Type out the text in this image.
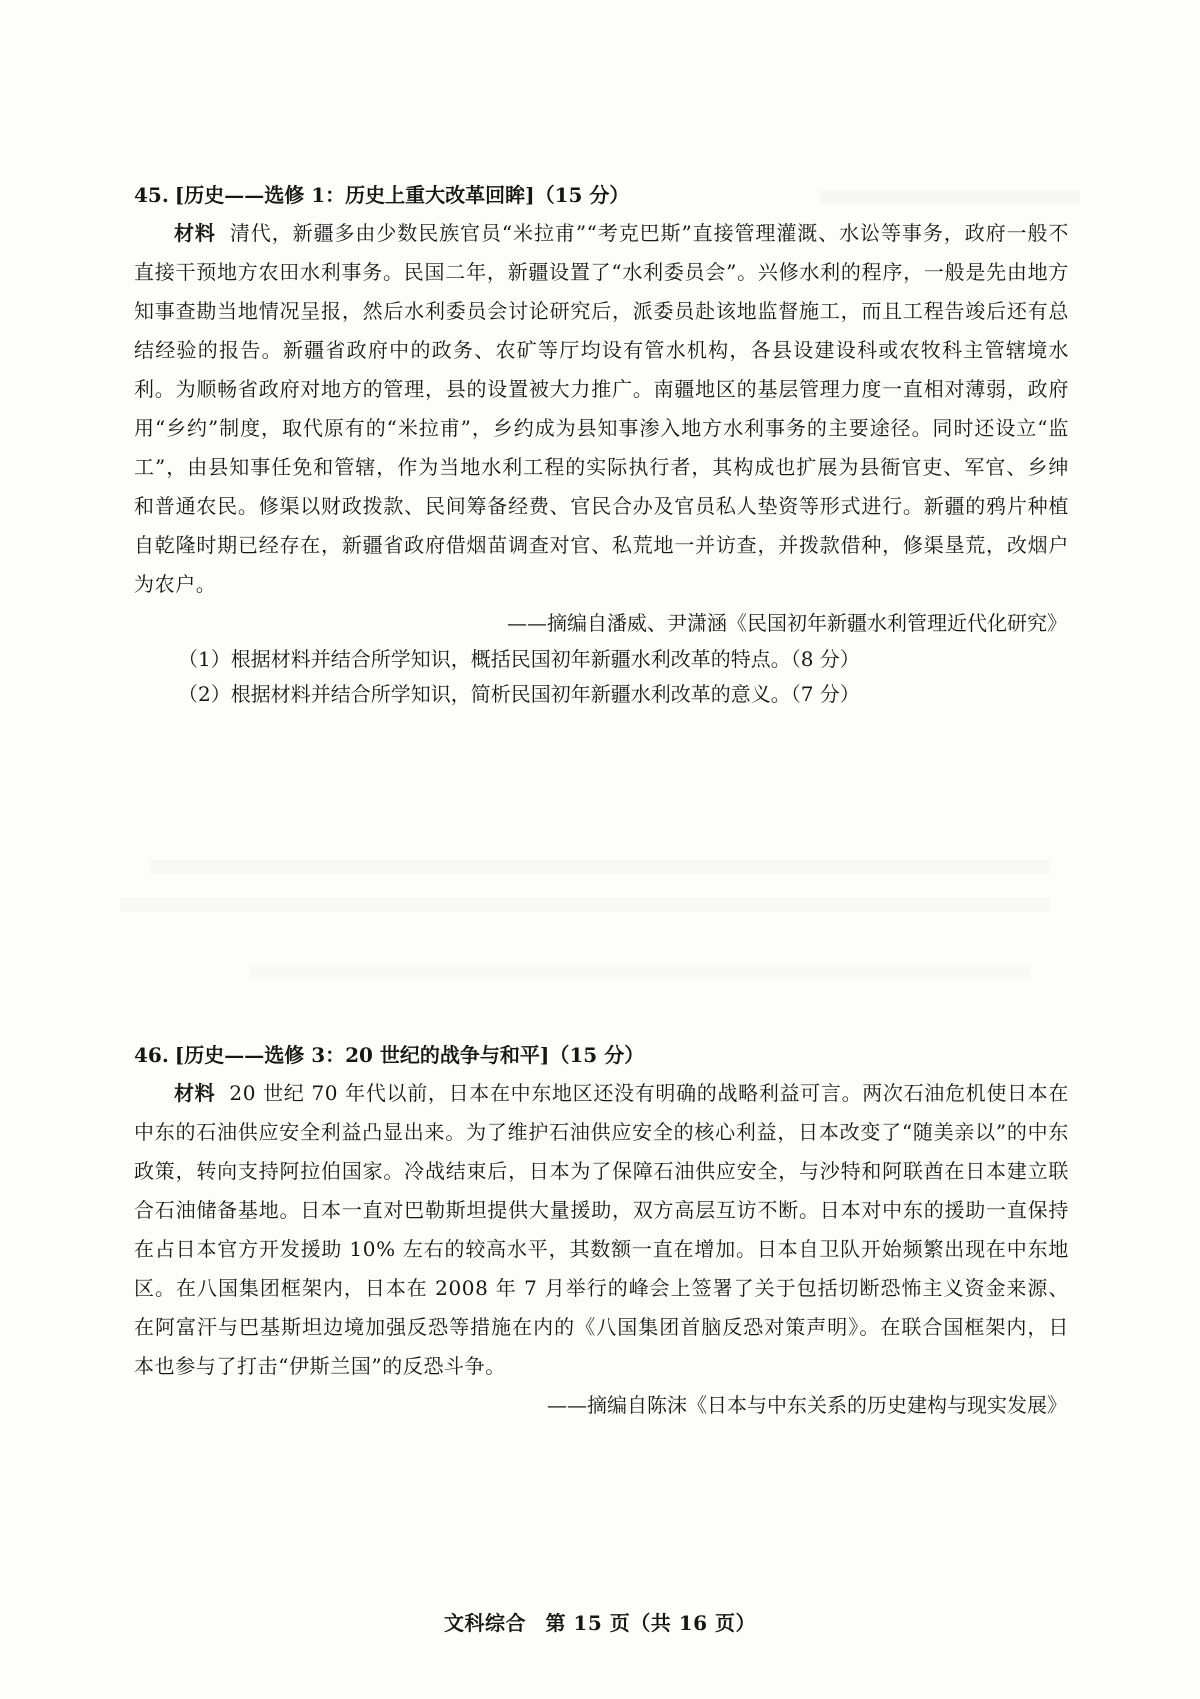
45. [历史——选修 1：历史上重大改革回眸]（15 分）

材料 清代，新疆多由少数民族官员“米拉甫”“考克巴斯”直接管理灌溉、水讼等事务，政府一般不直接干预地方农田水利事务。民国二年，新疆设置了“水利委员会”。兴修水利的程序，一般是先由地方知事查勘当地情况呈报，然后水利委员会讨论研究后，派委员赴该地监督施工，而且工程告竣后还有总结经验的报告。新疆省政府中的政务、农矿等厅均设有管水机构，各县设建设科或农牧科主管辖境水利。为顺畅省政府对地方的管理，县的设置被大力推广。南疆地区的基层管理力度一直相对薄弱，政府用“乡约”制度，取代原有的“米拉甫”，乡约成为县知事渗入地方水利事务的主要途径。同时还设立“监工”，由县知事任免和管辖，作为当地水利工程的实际执行者，其构成也扩展为县衙官吏、军官、乡绅和普通农民。修渠以财政拨款、民间筹备经费、官民合办及官员私人垫资等形式进行。新疆的鸦片种植自乾隆时期已经存在，新疆省政府借烟苗调查对官、私荒地一并访查，并拨款借种，修渠垦荒，改烟户为农户。

——摘编自潘威、尹潇涵《民国初年新疆水利管理近代化研究》

（1）根据材料并结合所学知识，概括民国初年新疆水利改革的特点。（8 分）

（2）根据材料并结合所学知识，简析民国初年新疆水利改革的意义。（7 分）

46. [历史——选修 3：20 世纪的战争与和平]（15 分）

材料 20 世纪 70 年代以前，日本在中东地区还没有明确的战略利益可言。两次石油危机使日本在中东的石油供应安全利益凸显出来。为了维护石油供应安全的核心利益，日本改变了“随美亲以”的中东政策，转向支持阿拉伯国家。冷战结束后，日本为了保障石油供应安全，与沙特和阿联酋在日本建立联合石油储备基地。日本一直对巴勒斯坦提供大量援助，双方高层互访不断。日本对中东的援助一直保持在占日本官方开发援助 10% 左右的较高水平，其数额一直在增加。日本自卫队开始频繁出现在中东地区。在八国集团框架内，日本在 2008 年 7 月举行的峰会上签署了关于包括切断恐怖主义资金来源、在阿富汗与巴基斯坦边境加强反恐等措施在内的《八国集团首脑反恐对策声明》。在联合国框架内，日本也参与了打击“伊斯兰国”的反恐斗争。

——摘编自陈沫《日本与中东关系的历史建构与现实发展》

文科综合 第 15 页（共 16 页）
